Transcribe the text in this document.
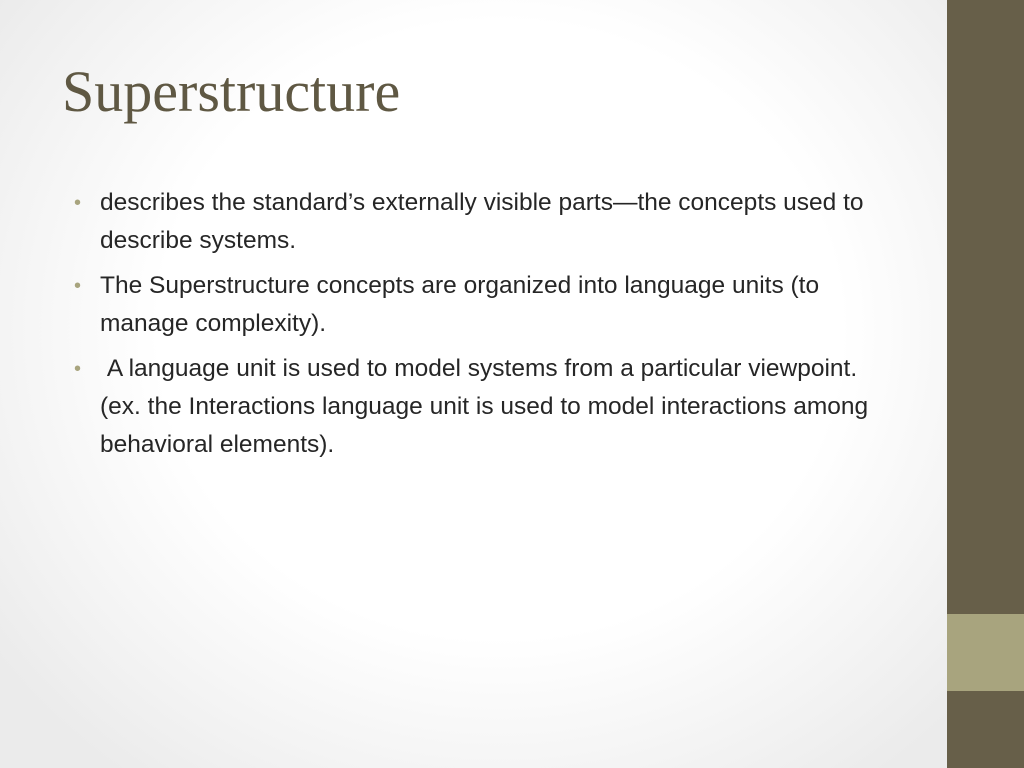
Superstructure
• describes the standard’s externally visible parts—the concepts used to describe systems.
• The Superstructure concepts are organized into language units (to manage complexity).
• A language unit is used to model systems from a particular viewpoint. (ex. the Interactions language unit is used to model interactions among behavioral elements).
